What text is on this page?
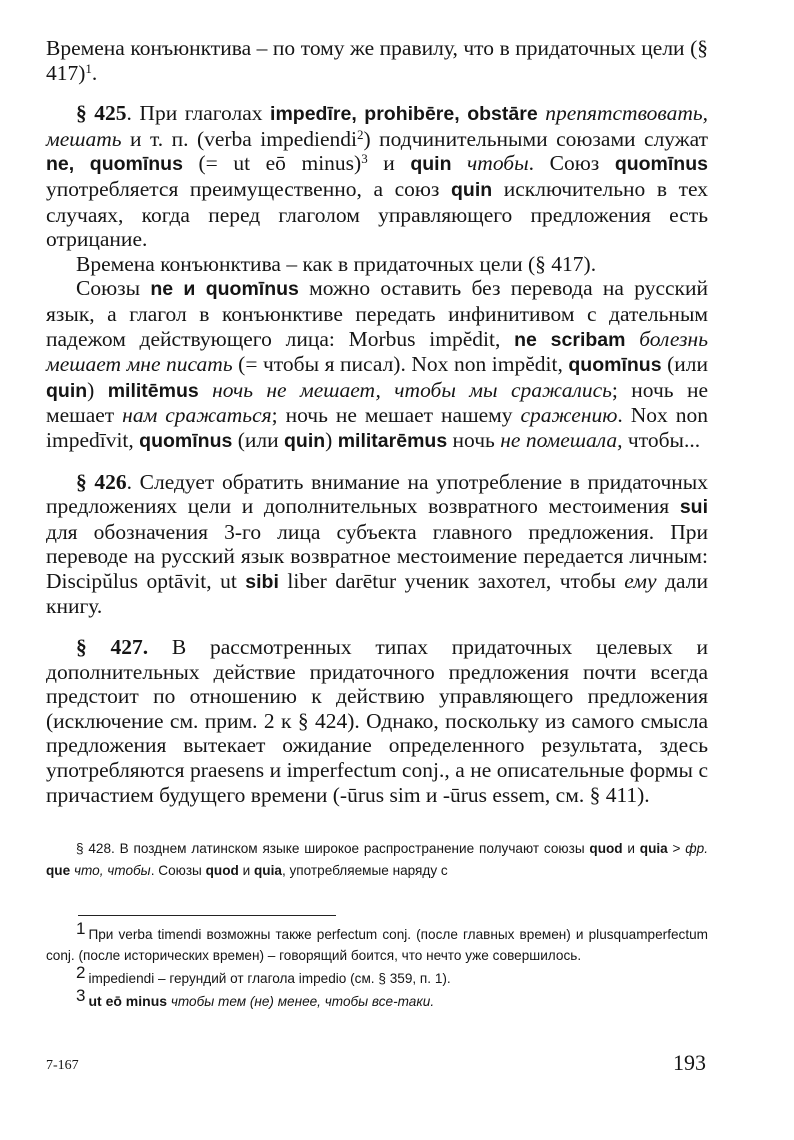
Времена конъюнктива – по тому же правилу, что в придаточных цели (§ 417)$^1$.

§ 425. При глаголах impedīre, prohibēre, obstāre препятствовать, мешать и т. п. (verba impediendi$^2$) подчинительными союзами служат ne, quomīnus (= ut eō minus)$^3$ и quin чтобы. Союз quomīnus употребляется преимущественно, а союз quin исключительно в тех случаях, когда перед глаголом управляющего предложения есть отрицание.

Времена конъюнктива – как в придаточных цели (§ 417).

Союзы ne и quomīnus можно оставить без перевода на русский язык, а глагол в конъюнктиве передать инфинитивом с дательным падежом действующего лица: Morbus impĕdit, ne scribam болезнь мешает мне писать (= чтобы я писал). Nox non impĕdit, quomīnus (или quin) militēmus ночь не мешает, чтобы мы сражались; ночь не мешает нам сражаться; ночь не мешает нашему сражению. Nox non impedīvit, quomīnus (или quin) militarēmus ночь не помешала, чтобы...

§ 426. Следует обратить внимание на употребление в придаточных предложениях цели и дополнительных возвратного местоимения sui для обозначения 3-го лица субъекта главного предложения. При переводе на русский язык возвратное местоимение передается личным: Discipŭlus optāvit, ut sibi liber darētur ученик захотел, чтобы ему дали книгу.

§ 427. В рассмотренных типах придаточных целевых и дополнительных действие придаточного предложения почти всегда предстоит по отношению к действию управляющего предложения (исключение см. прим. 2 к § 424). Однако, поскольку из самого смысла предложения вытекает ожидание определенного результата, здесь употребляются praesens и imperfectum conj., а не описательные формы с причастием будущего времени (-ūrus sim и -ūrus essem, см. § 411).

§ 428. В позднем латинском языке широкое распространение получают союзы quod и quia > фр. que что, чтобы. Союзы quod и quia, употребляемые наряду с

1 При verba timendi возможны также perfectum conj. (после главных времен) и plusquamperfectum conj. (после исторических времен) – говорящий боится, что нечто уже совершилось.

2 impediendi – герундий от глагола impedio (см. § 359, п. 1).

3 ut eō minus чтобы тем (не) менее, чтобы все-таки.

7-167	193
